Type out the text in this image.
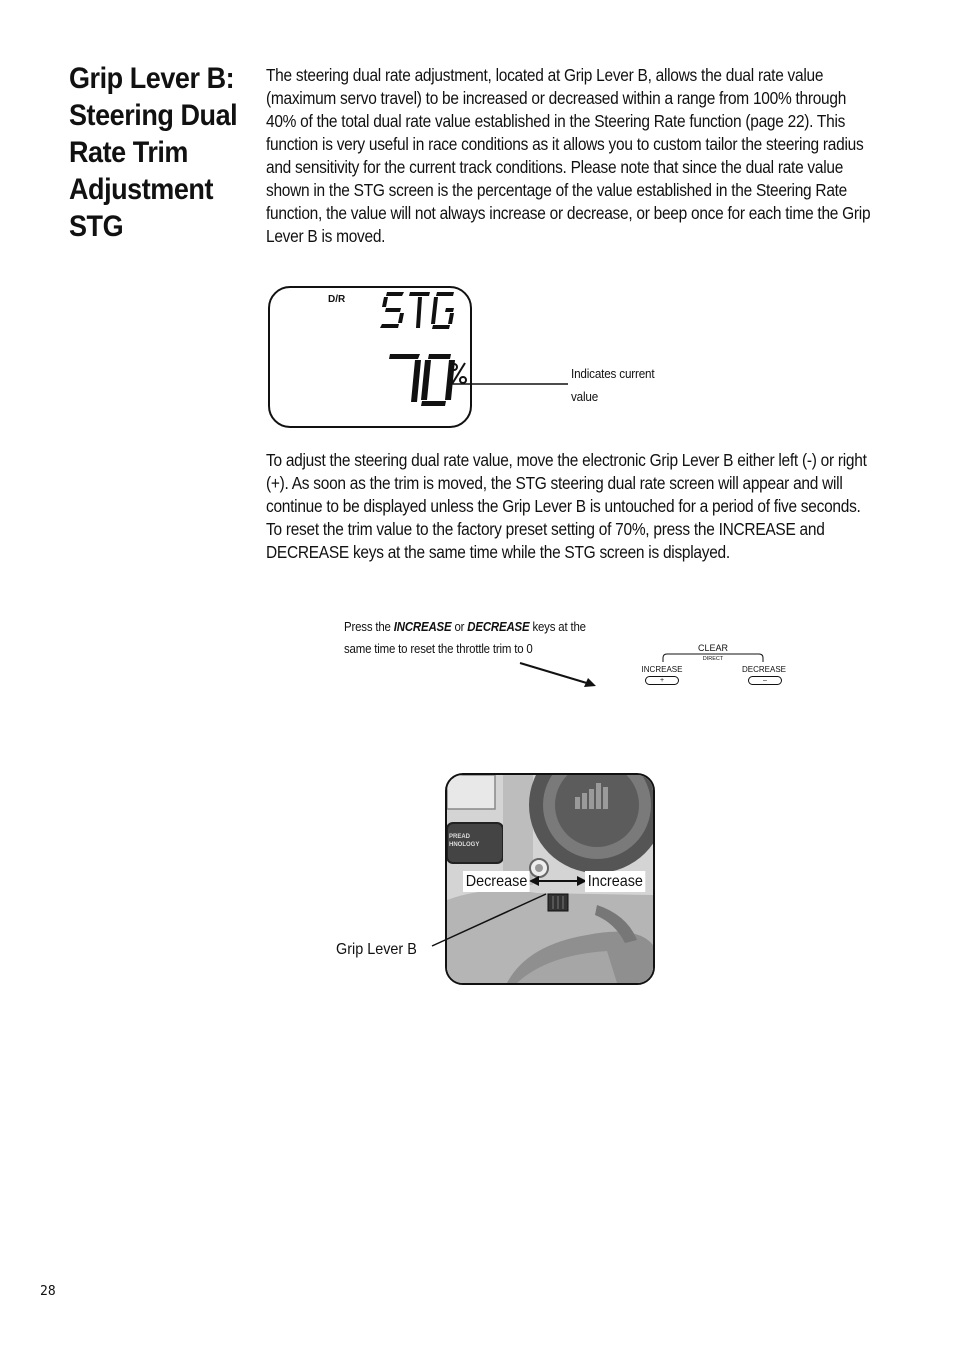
Grip Lever B:
Steering Dual
Rate Trim
Adjustment
STG
The steering dual rate adjustment, located at Grip Lever B, allows the dual rate value
(maximum servo travel) to be increased or decreased within a range from 100% through
40% of the total dual rate value established in the Steering Rate function (page 22). This
function is very useful in race conditions as it allows you to custom tailor the steering radius
and sensitivity for the current track conditions. Please note that since the dual rate value
shown in the STG screen is the percentage of the value established in the Steering Rate
function, the value will not always increase or decrease, or beep once for each time the Grip
Lever B is moved.
D/R
Indicates current
value
To adjust the steering dual rate value, move the electronic Grip Lever B either left (-) or right
(+). As soon as the trim is moved, the STG steering dual rate screen will appear and will
continue to be displayed unless the Grip Lever B is untouched for a period of five seconds.
To reset the trim value to the factory preset setting of 70%, press the INCREASE and
DECREASE keys at the same time while the STG screen is displayed.
Press the INCREASE or DECREASE keys at the
same time to reset the throttle trim to 0	CLEAR
DIRECT
INCREASE	DECREASE
+	–
PREAD
HNOLOGY
Decrease	Increase
Grip Lever B
28
